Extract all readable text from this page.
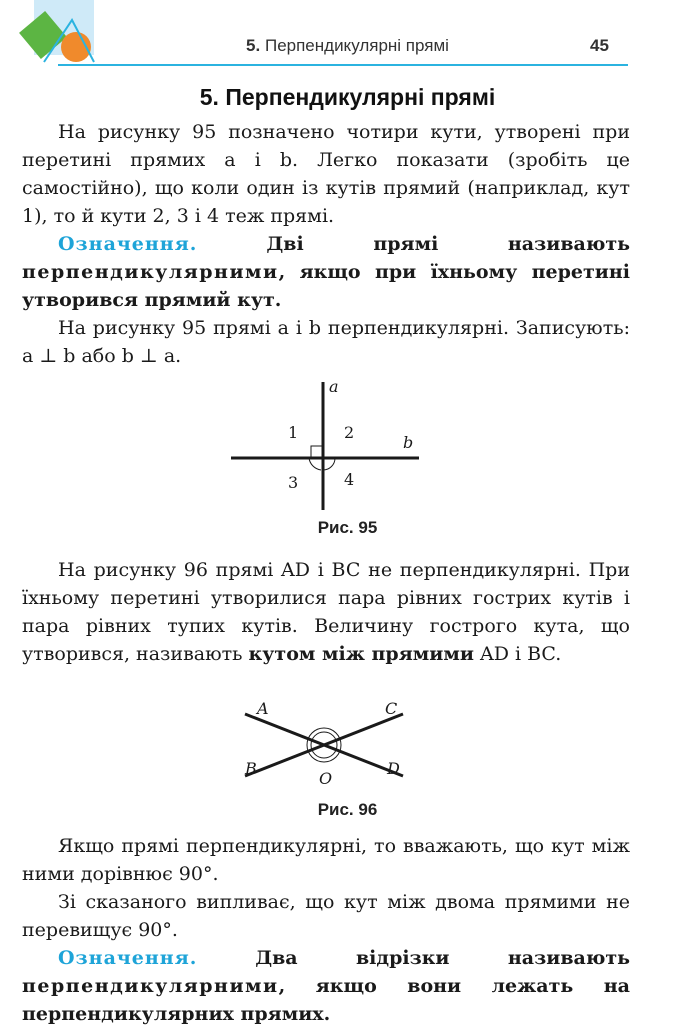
5. Перпендикулярні прямі	45
5. Перпендикулярні прямі

На рисунку 95 позначено чотири кути, утворені при перетині прямих a і b. Легко показати (зробіть це самостійно), що коли один із кутів прямий (наприклад, кут 1), то й кути 2, 3 і 4 теж прямі.

Означення.	Дві прямі називають перпендикулярними, якщо при їхньому перетині утворився прямий кут.

На рисунку 95 прямі a і b перпендикулярні. Записують: a ⊥ b або b ⊥ a.

a
b
1	2
3	4
Рис. 95

На рисунку 96 прямі AD і BC не перпендикулярні. При їхньому перетині утворилися пара рівних гострих кутів і пара рівних тупих кутів. Величину гострого кута, що утворився, називають кутом між прямими AD і BC.

A	C
B
O
D
Рис. 96

Якщо прямі перпендикулярні, то вважають, що кут між ними дорівнює 90°.

Зі сказаного випливає, що кут між двома прямими не перевищує 90°.

Означення.	Два відрізки називають перпендикулярними, якщо вони лежать на перпендикулярних прямих.
